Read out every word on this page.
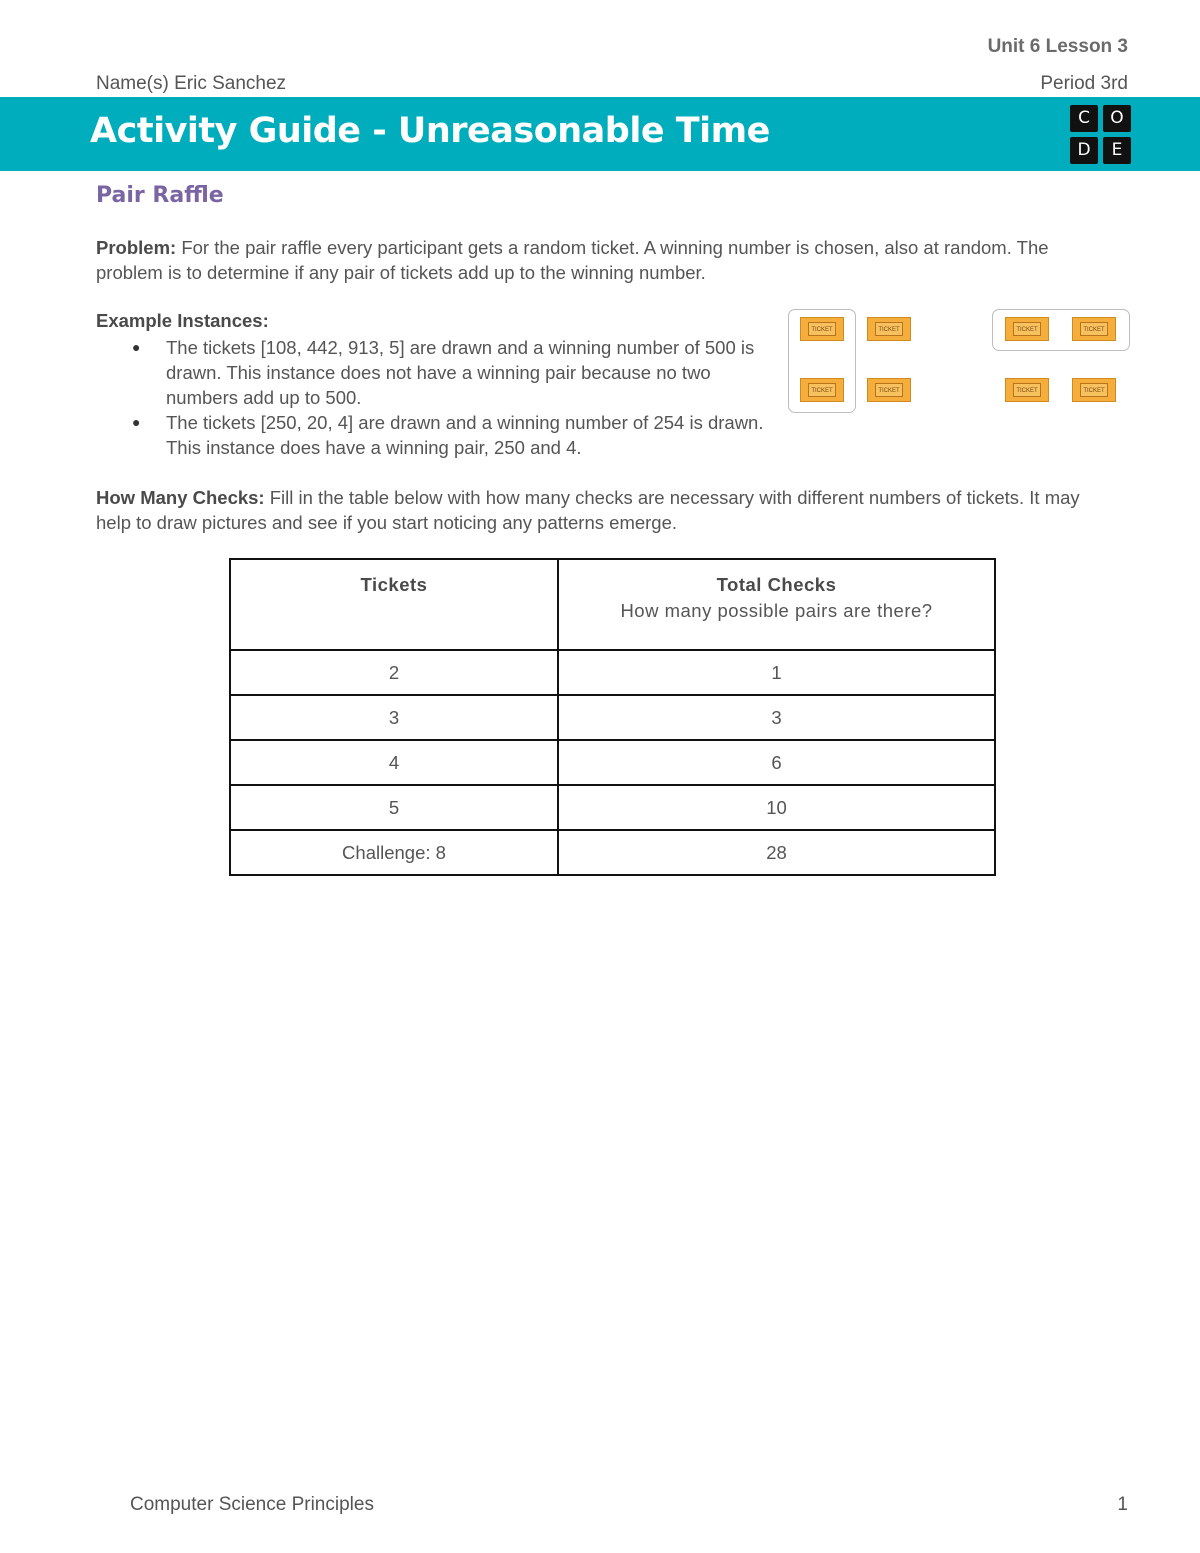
Unit 6 Lesson 3
Name(s) Eric Sanchez	Period 3rd
Activity Guide - Unreasonable Time	C	O
D	E
Pair Raffle
Problem: For the pair raffle every participant gets a random ticket. A winning number is chosen, also at random. The problem is to determine if any pair of tickets add up to the winning number.
Example Instances:
● The tickets [108, 442, 913, 5] are drawn and a winning number of 500 is drawn. This instance does not have a winning pair because no two numbers add up to 500.
● The tickets [250, 20, 4] are drawn and a winning number of 254 is drawn. This instance does have a winning pair, 250 and 4.
TICKET	TICKET	TICKET	TICKET
TICKET	TICKET	TICKET	TICKET
How Many Checks: Fill in the table below with how many checks are necessary with different numbers of tickets. It may help to draw pictures and see if you start noticing any patterns emerge.
Tickets	Total Checks
How many possible pairs are there?

2	1
3	3
4	6
5	10
Challenge: 8	28
Computer Science Principles	1
